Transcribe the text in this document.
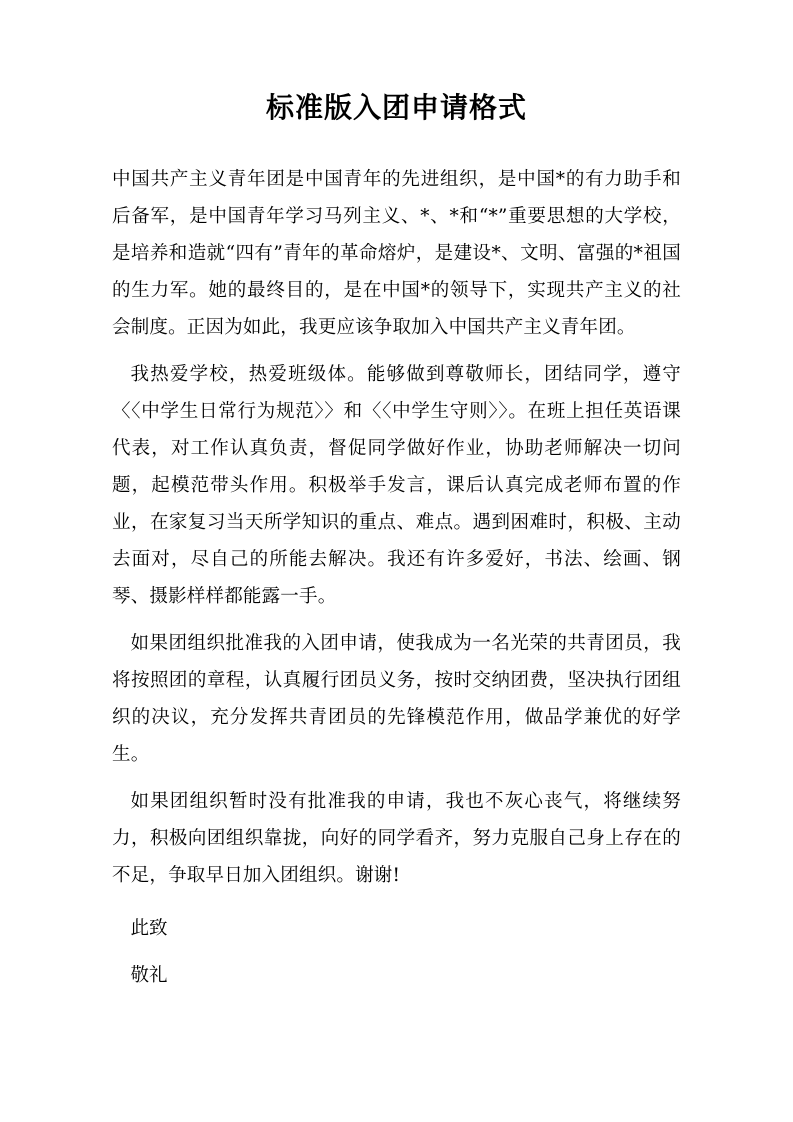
标准版入团申请格式

中国共产主义青年团是中国青年的先进组织，是中国*的有力助手和后备军，是中国青年学习马列主义、*、*和“*”重要思想的大学校，是培养和造就“四有”青年的革命熔炉，是建设*、文明、富强的*祖国的生力军。她的最终目的，是在中国*的领导下，实现共产主义的社会制度。正因为如此，我更应该争取加入中国共产主义青年团。

我热爱学校，热爱班级体。能够做到尊敬师长，团结同学，遵守〈〈中学生日常行为规范〉〉和〈〈中学生守则〉〉。在班上担任英语课代表，对工作认真负责，督促同学做好作业，协助老师解决一切问题，起模范带头作用。积极举手发言，课后认真完成老师布置的作业，在家复习当天所学知识的重点、难点。遇到困难时，积极、主动去面对，尽自己的所能去解决。我还有许多爱好，书法、绘画、钢琴、摄影样样都能露一手。

如果团组织批准我的入团申请，使我成为一名光荣的共青团员，我将按照团的章程，认真履行团员义务，按时交纳团费，坚决执行团组织的决议，充分发挥共青团员的先锋模范作用，做品学兼优的好学生。

如果团组织暂时没有批准我的申请，我也不灰心丧气，将继续努力，积极向团组织靠拢，向好的同学看齐，努力克服自己身上存在的不足，争取早日加入团组织。谢谢!

此致

敬礼
